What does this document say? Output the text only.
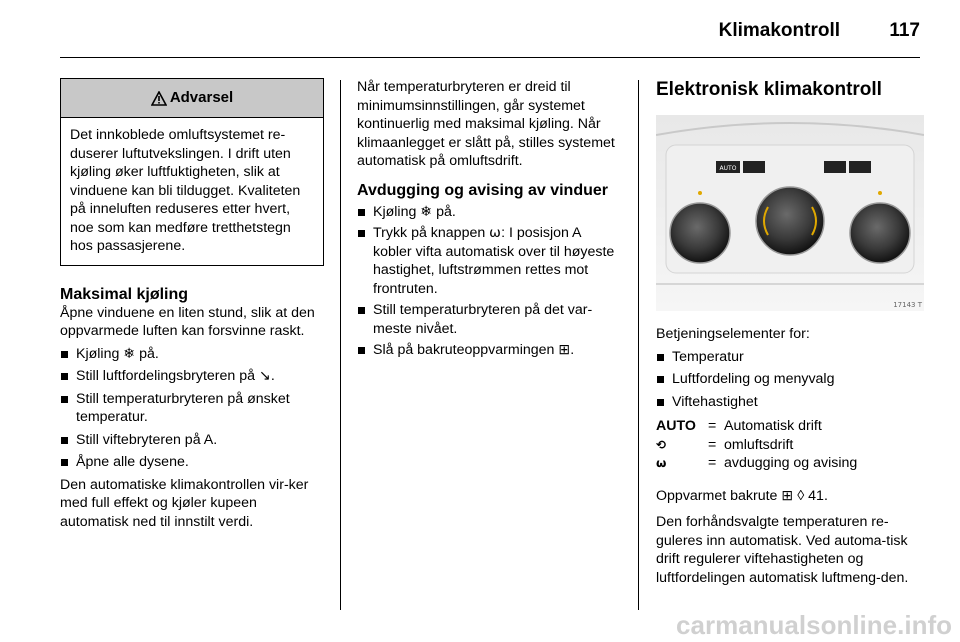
Klimakontroll	117
Advarsel
Det innkoblede omluftsystemet re-duserer luftutvekslingen. I drift uten kjøling øker luftfuktigheten, slik at vinduene kan bli tildugget. Kvaliteten på inneluften reduseres etter hvert, noe som kan medføre tretthetstegn hos passasjerene.
Maksimal kjøling

Åpne vinduene en liten stund, slik at den oppvarmede luften kan forsvinne raskt.

Kjøling ❄ på.
Still luftfordelingsbryteren på ↘.
Still temperaturbryteren på ønsket temperatur.
Still viftebryteren på A.
Åpne alle dysene.

Den automatiske klimakontrollen vir-ker med full effekt og kjøler kupeen automatisk ned til innstilt verdi.

Når temperaturbryteren er dreid til minimumsinnstillingen, går systemet kontinuerlig med maksimal kjøling. Når klimaanlegget er slått på, stilles systemet automatisk på omluftsdrift.

Avdugging og avising av vinduer
Kjøling ❄ på.
Trykk på knappen ⍵: I posisjon A kobler vifta automatisk over til høyeste hastighet, luftstrømmen rettes mot frontruten.
Still temperaturbryteren på det var-meste nivået.
Slå på bakruteoppvarmingen ⊞.
Elektronisk klimakontroll
AUTO
17143 T

Betjeningselementer for:

Temperatur
Luftfordeling og menyvalg
Viftehastighet
AUTO = Automatisk drift
⟲	= omluftsdrift
⍵	= avdugging og avising

Oppvarmet bakrute ⊞ ◊ 41.

Den forhåndsvalgte temperaturen re-guleres inn automatisk. Ved automa-tisk drift regulerer viftehastigheten og luftfordelingen automatisk luftmeng-den.

carmanualsonline.info
